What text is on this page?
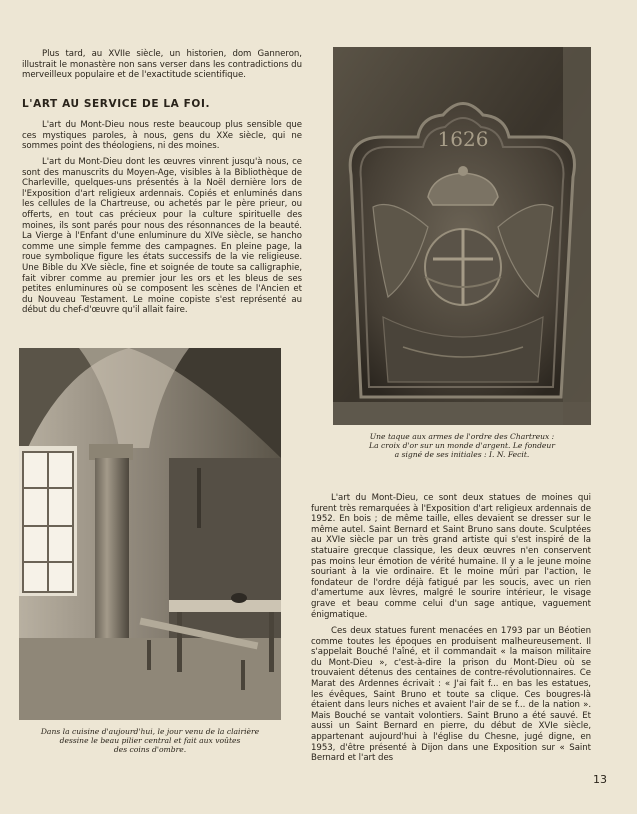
Plus tard, au XVIIe siècle, un historien, dom Ganneron, illustrait le monastère non sans verser dans les contradictions du merveilleux populaire et de l'exactitude scientifique.

L'ART AU SERVICE DE LA FOI.

L'art du Mont-Dieu nous reste beaucoup plus sensible que ces mystiques paroles, à nous, gens du XXe siècle, qui ne sommes point des théologiens, ni des moines.

L'art du Mont-Dieu dont les œuvres vinrent jusqu'à nous, ce sont des manuscrits du Moyen-Age, visibles à la Bibliothèque de Charleville, quelques-uns présentés à la Noël dernière lors de l'Exposition d'art religieux ardennais. Copiés et enluminés dans les cellules de la Chartreuse, ou achetés par le père prieur, ou offerts, en tout cas précieux pour la culture spirituelle des moines, ils sont parés pour nous des résonnances de la beauté. La Vierge à l'Enfant d'une enluminure du XIVe siècle, se hancho comme une simple femme des campagnes. En pleine page, la roue symbolique figure les états successifs de la vie religieuse. Une Bible du XVe siècle, fine et soignée de toute sa calligraphie, fait vibrer comme au premier jour les ors et les bleus de ses petites enluminures où se composent les scènes de l'Ancien et du Nouveau Testament. Le moine copiste s'est représenté au début du chef-d'œuvre qu'il allait faire.

1626

Une taque aux armes de l'ordre des Chartreux :
La croix d'or sur un monde d'argent. Le fondeur
a signé de ses initiales : I. N. Fecit.

Dans la cuisine d'aujourd'hui, le jour venu de la clairière
dessine le beau pilier central et fait aux voûtes
des coins d'ombre.

L'art du Mont-Dieu, ce sont deux statues de moines qui furent très remarquées à l'Exposition d'art religieux ardennais de 1952. En bois ; de même taille, elles devaient se dresser sur le même autel. Saint Bernard et Saint Bruno sans doute. Sculptées au XVIe siècle par un très grand artiste qui s'est inspiré de la statuaire grecque classique, les deux œuvres n'en conservent pas moins leur émotion de vérité humaine. Il y a le jeune moine souriant à la vie ordinaire. Et le moine mûri par l'action, le fondateur de l'ordre déjà fatigué par les soucis, avec un rien d'amertume aux lèvres, malgré le sourire intérieur, le visage grave et beau comme celui d'un sage antique, vaguement énigmatique.

Ces deux statues furent menacées en 1793 par un Béotien comme toutes les époques en produisent malheureusement. Il s'appelait Bouché l'aîné, et il commandait « la maison militaire du Mont-Dieu », c'est-à-dire la prison du Mont-Dieu où se trouvaient détenus des centaines de contre-révolutionnaires. Ce Marat des Ardennes écrivait : « J'ai fait f... en bas les estatues, les évêques, Saint Bruno et toute sa clique. Ces bougres-là étaient dans leurs niches et avaient l'air de se f... de la nation ». Mais Bouché se vantait volontiers. Saint Bruno a été sauvé. Et aussi un Saint Bernard en pierre, du début de XVIe siècle, appartenant aujourd'hui à l'église du Chesne, jugé digne, en 1953, d'être présenté à Dijon dans une Exposition sur « Saint Bernard et l'art des

13
